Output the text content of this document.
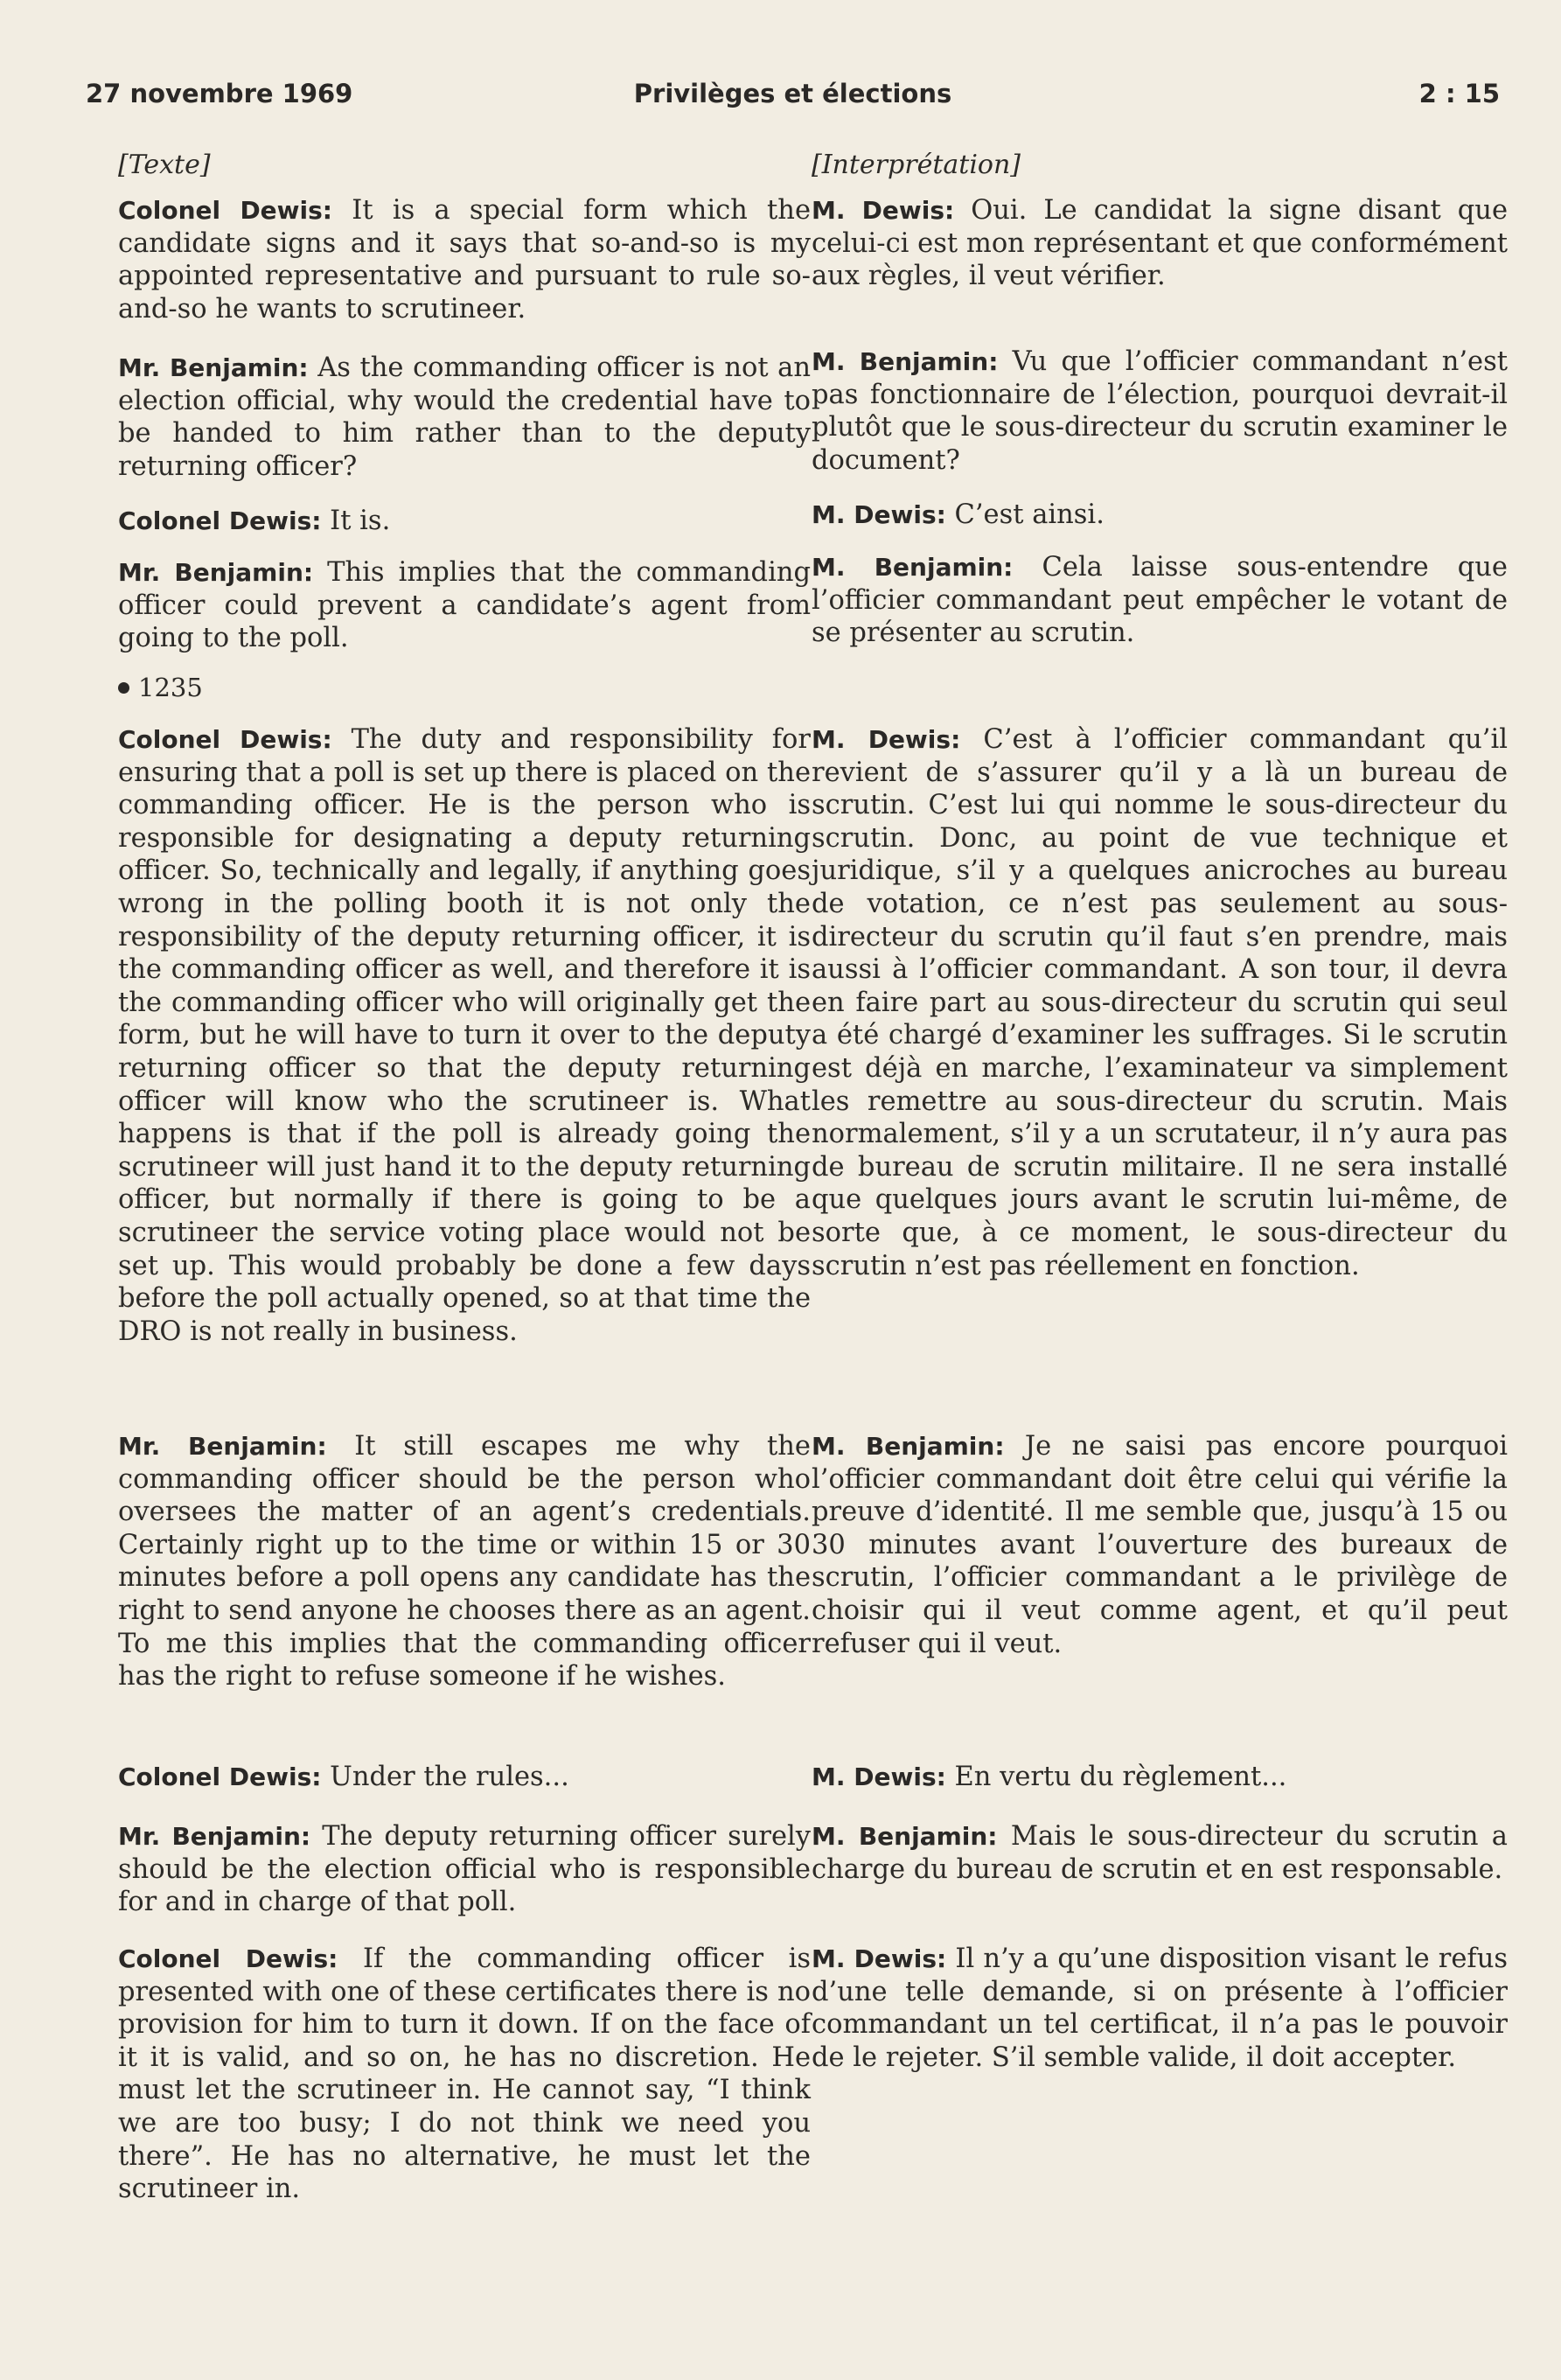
27 novembre 1969	Privilèges et élections	2 : 15
[Texte]

Colonel Dewis: It is a special form which the candidate signs and it says that so-and-so is my appointed representative and pursuant to rule so-and-so he wants to scrutineer.

Mr. Benjamin: As the commanding officer is not an election official, why would the credential have to be handed to him rather than to the deputy returning officer?

Colonel Dewis: It is.

Mr. Benjamin: This implies that the commanding officer could prevent a candidate’s agent from going to the poll.

1235

Colonel Dewis: The duty and responsibility for ensuring that a poll is set up there is placed on the commanding officer. He is the person who is responsible for designating a deputy returning officer. So, technically and legally, if anything goes wrong in the polling booth it is not only the responsibility of the deputy returning officer, it is the commanding officer as well, and therefore it is the commanding officer who will originally get the form, but he will have to turn it over to the deputy returning officer so that the deputy returning officer will know who the scrutineer is. What happens is that if the poll is already going the scrutineer will just hand it to the deputy returning officer, but normally if there is going to be a scrutineer the service voting place would not be set up. This would probably be done a few days before the poll actually opened, so at that time the DRO is not really in business.

Mr. Benjamin: It still escapes me why the commanding officer should be the person who oversees the matter of an agent’s credentials. Certainly right up to the time or within 15 or 30 minutes before a poll opens any candidate has the right to send anyone he chooses there as an agent. To me this implies that the commanding officer has the right to refuse someone if he wishes.

Colonel Dewis: Under the rules...

Mr. Benjamin: The deputy returning officer surely should be the election official who is responsible for and in charge of that poll.

Colonel Dewis: If the commanding officer is presented with one of these certificates there is no provision for him to turn it down. If on the face of it it is valid, and so on, he has no discretion. He must let the scrutineer in. He cannot say, “I think we are too busy; I do not think we need you there”. He has no alternative, he must let the scrutineer in.

[Interprétation]

M. Dewis: Oui. Le candidat la signe disant que celui-ci est mon représentant et que conformément aux règles, il veut vérifier.

M. Benjamin: Vu que l’officier commandant n’est pas fonctionnaire de l’élection, pourquoi devrait-il plutôt que le sous-directeur du scrutin examiner le document?

M. Dewis: C’est ainsi.

M. Benjamin: Cela laisse sous-entendre que l’officier commandant peut empêcher le votant de se présenter au scrutin.

M. Dewis: C’est à l’officier commandant qu’il revient de s’assurer qu’il y a là un bureau de scrutin. C’est lui qui nomme le sous-directeur du scrutin. Donc, au point de vue technique et juridique, s’il y a quelques anicroches au bureau de votation, ce n’est pas seulement au sous-directeur du scrutin qu’il faut s’en prendre, mais aussi à l’officier commandant. A son tour, il devra en faire part au sous-directeur du scrutin qui seul a été chargé d’examiner les suffrages. Si le scrutin est déjà en marche, l’examinateur va simplement les remettre au sous-directeur du scrutin. Mais normalement, s’il y a un scrutateur, il n’y aura pas de bureau de scrutin militaire. Il ne sera installé que quelques jours avant le scrutin lui-même, de sorte que, à ce moment, le sous-directeur du scrutin n’est pas réellement en fonction.

M. Benjamin: Je ne saisi pas encore pourquoi l’officier commandant doit être celui qui vérifie la preuve d’identité. Il me semble que, jusqu’à 15 ou 30 minutes avant l’ouverture des bureaux de scrutin, l’officier commandant a le privilège de choisir qui il veut comme agent, et qu’il peut refuser qui il veut.

M. Dewis: En vertu du règlement...

M. Benjamin: Mais le sous-directeur du scrutin a charge du bureau de scrutin et en est responsable.

M. Dewis: Il n’y a qu’une disposition visant le refus d’une telle demande, si on présente à l’officier commandant un tel certificat, il n’a pas le pouvoir de le rejeter. S’il semble valide, il doit accepter.
